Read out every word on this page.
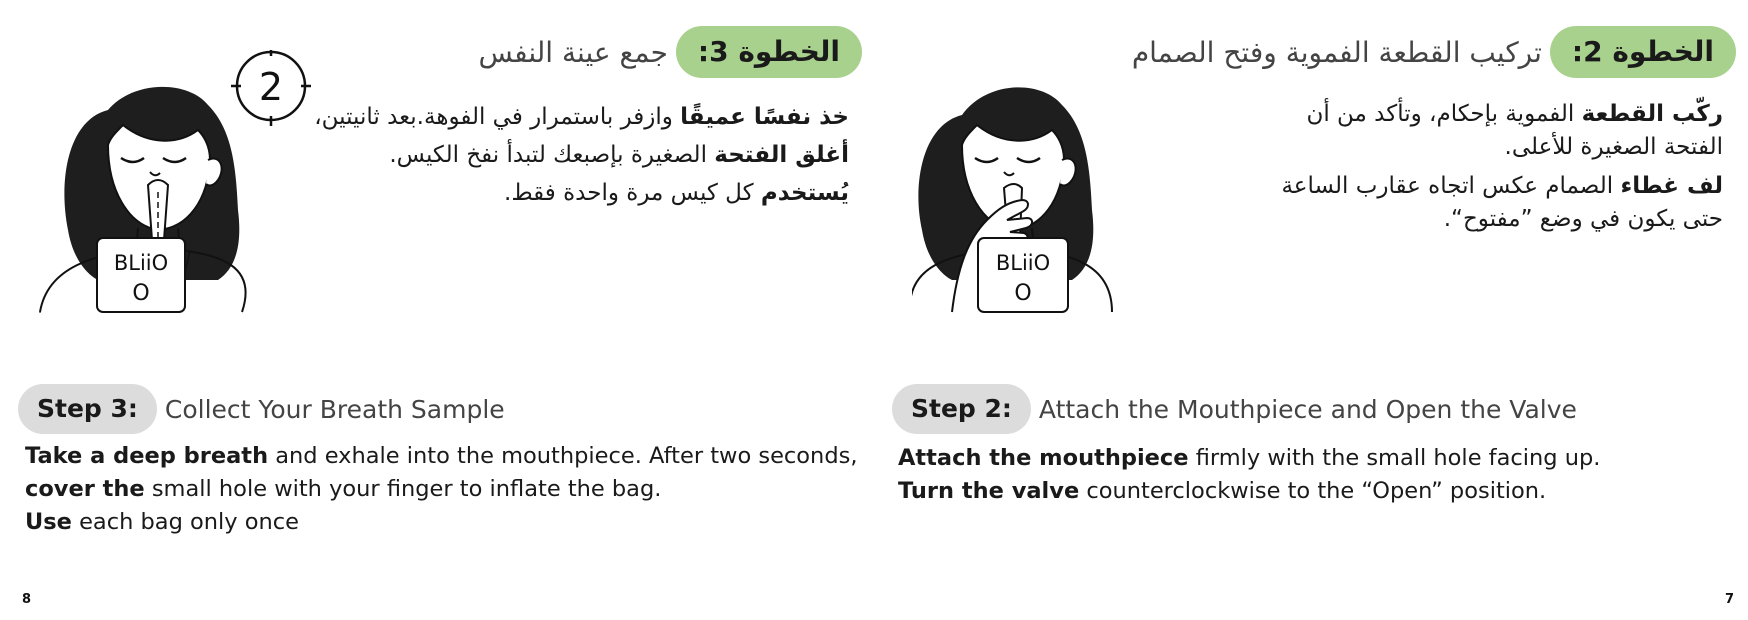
الخطوة 3:
جمع عينة النفس

خذ نفسًا عميقًا وازفر باستمرار في الفوهة.بعد ثانيتين،

أغلق الفتحة الصغيرة بإصبعك لتبدأ نفخ الكيس.

يُستخدم كل كيس مرة واحدة فقط.

2
BLiiO
O
Step 3:	Collect Your Breath Sample

Take a deep breath and exhale into the mouthpiece. After two seconds,

cover the small hole with your finger to inflate the bag.

Use each bag only once

8
الخطوة 2:
تركيب القطعة الفموية وفتح الصمام

ركّب القطعة الفموية بإحكام، وتأكد من أن

الفتحة الصغيرة للأعلى.

لف غطاء الصمام عكس اتجاه عقارب الساعة

حتى يكون في وضع ”مفتوح“.

BLiiO
O
Step 2:	Attach the Mouthpiece and Open the Valve

Attach the mouthpiece firmly with the small hole facing up.

Turn the valve counterclockwise to the “Open” position.

7
